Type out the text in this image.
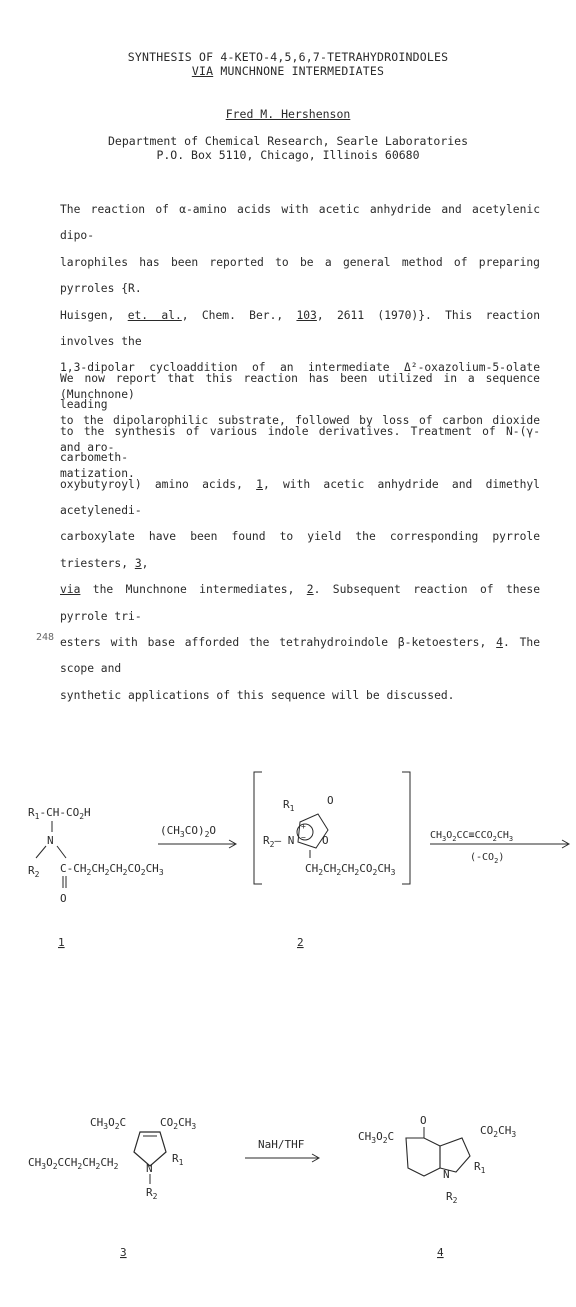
SYNTHESIS OF 4-KETO-4,5,6,7-TETRAHYDROINDOLES
VIA MUNCHNONE INTERMEDIATES
Fred M. Hershenson
Department of Chemical Research, Searle Laboratories
P.O. Box 5110, Chicago, Illinois 60680
The reaction of α-amino acids with acetic anhydride and acetylenic dipo-
larophiles has been reported to be a general method of preparing pyrroles {R.
Huisgen, et. al., Chem. Ber., 103, 2611 (1970)}. This reaction involves the
1,3-dipolar cycloaddition of an intermediate Δ²-oxazolium-5-olate (Munchnone)
to the dipolarophilic substrate, followed by loss of carbon dioxide and aro-
matization.
We now report that this reaction has been utilized in a sequence leading
to the synthesis of various indole derivatives. Treatment of N-(γ-carbometh-
oxybutyroyl) amino acids, 1, with acetic anhydride and dimethyl acetylenedi-
carboxylate have been found to yield the corresponding pyrrole triesters, 3,
via the Munchnone intermediates, 2. Subsequent reaction of these pyrrole tri-
esters with base afforded the tetrahydroindole β-ketoesters, 4. The scope and
synthetic applications of this sequence will be discussed.
248
$R_1-CH-CO_2H$
N
$R_2$ $C-CH_2CH_2CH_2CO_2CH_3$
O
1
$(CH_3CO)_2O$
$R_1$
O
+
−
$R_2—$ N	O
$CH_2CH_2CH_2CO_2CH_3$
2
$CH_3O_2CC\equiv CCO_2CH_3$
$(-CO_2)$
$CH_3O_2C$	$CO_2CH_3$
$CH_3O_2CCH_2CH_2CH_2$	N
$R_1$
$R_2$
3
NaH/THF
O
$CH_3O_2C$	$CO_2CH_3$
N
$R_1$
$R_2$
4
